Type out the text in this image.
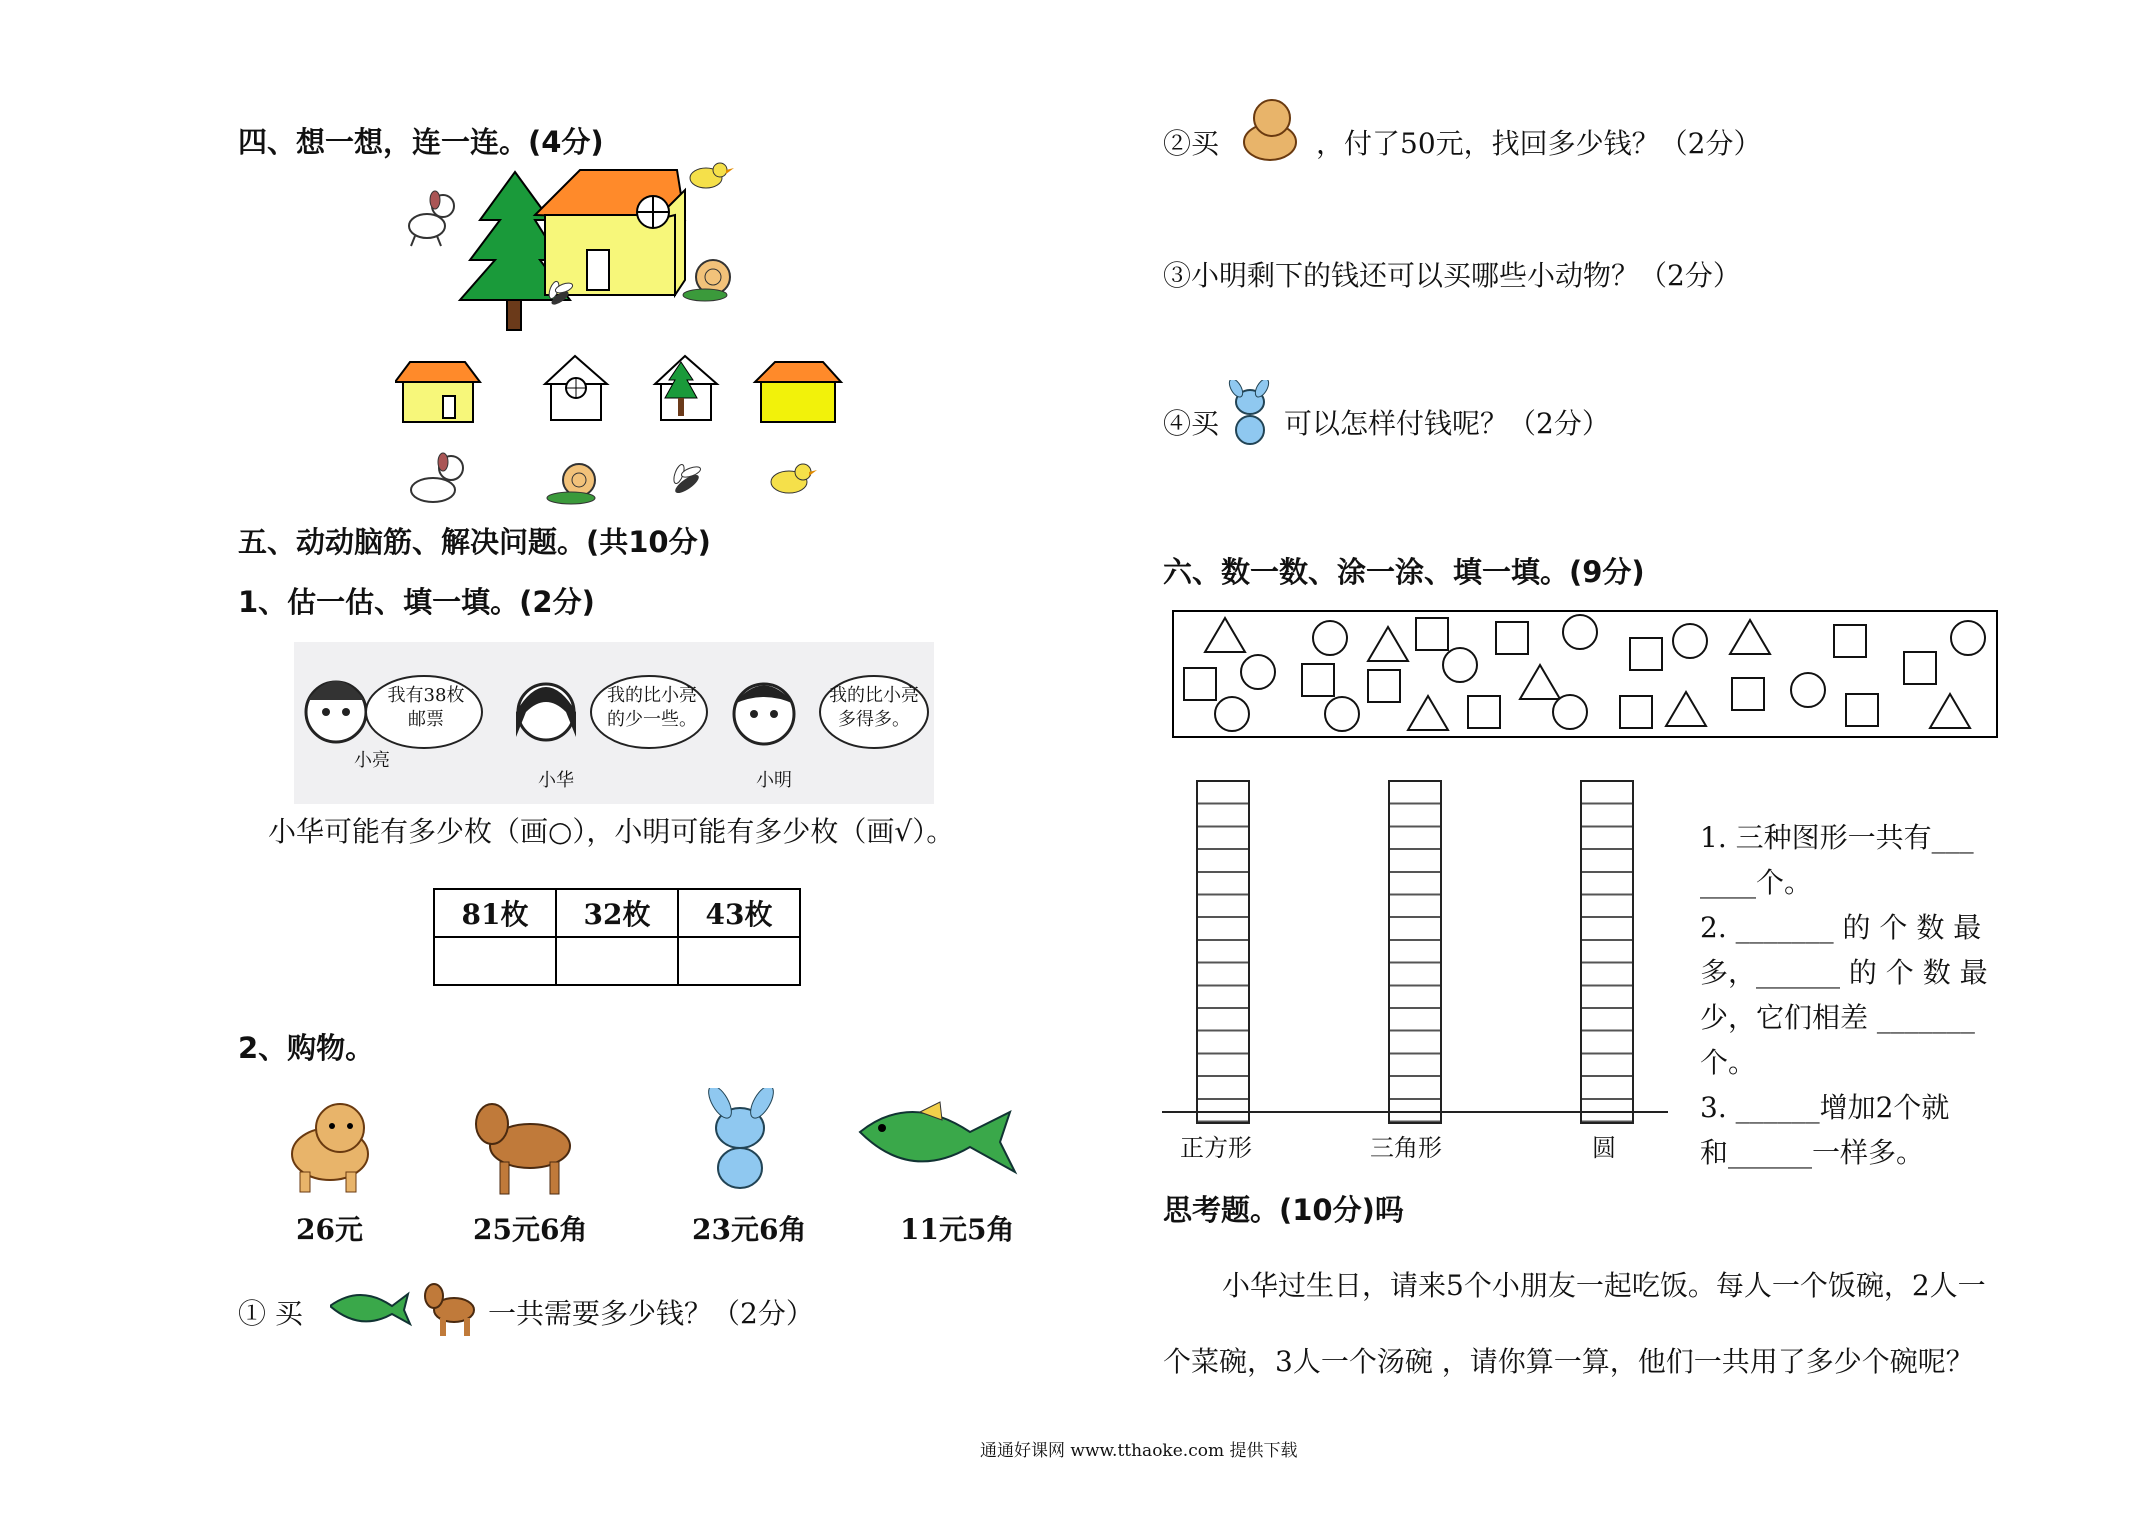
四、想一想，连一连。(4分)
五、动动脑筋、解决问题。(共10分)
1、估一估、填一填。(2分)
我有38枚邮票
我的比小亮的少一些。
我的比小亮多得多。
小亮
小华	小明
小华可能有多少枚（画○），小明可能有多少枚（画√）。
81枚	32枚	43枚

2、购物。
26元	25元6角	23元6角	11元5角
① 买	一共需要多少钱？（2分）
②买	，付了50元，找回多少钱？（2分）
③小明剩下的钱还可以买哪些小动物？（2分）
④买 可以怎样付钱呢？（2分）
六、数一数、涂一涂、填一填。(9分)
正方形	三角形	圆
1. 三种图形一共有___
____个。
2. _______ 的 个 数 最
多，______ 的 个 数 最
少，它们相差 _______
个。
3. ______增加2个就
和______一样多。
思考题。(10分)吗
小华过生日，请来5个小朋友一起吃饭。每人一个饭碗，2人一
个菜碗，3人一个汤碗 ，请你算一算，他们一共用了多少个碗呢？
通通好课网 www.tthaoke.com 提供下载
